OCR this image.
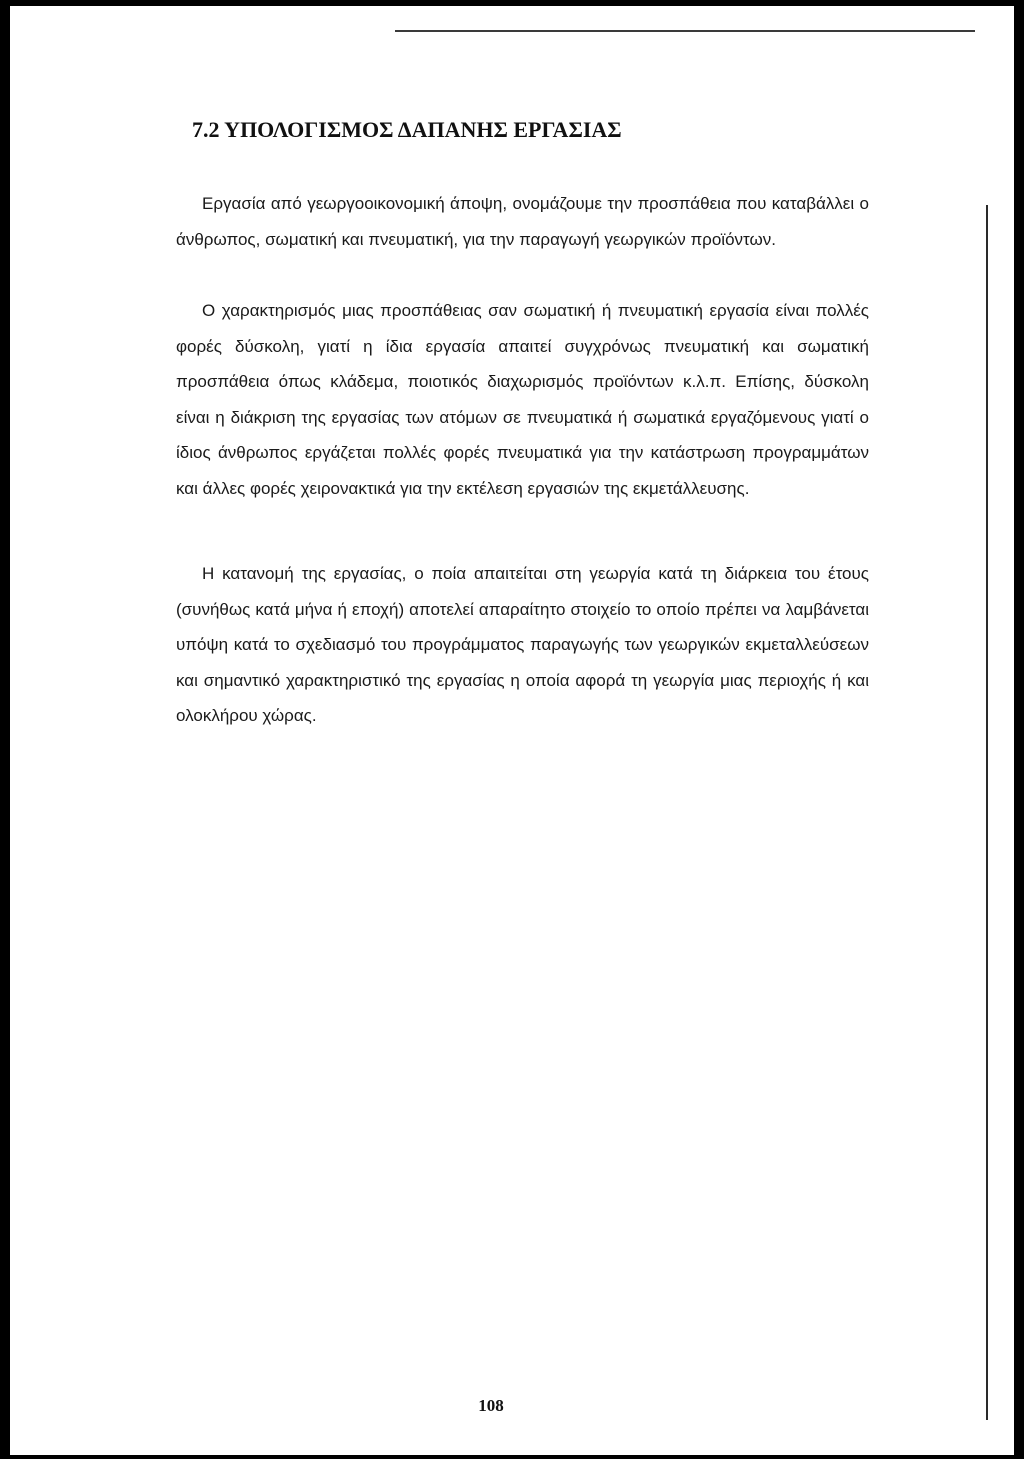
7.2 ΥΠΟΛΟΓΙΣΜΟΣ ΔΑΠΑΝΗΣ ΕΡΓΑΣΙΑΣ

Εργασία από γεωργοοικονομική άποψη, ονομάζουμε την προσπάθεια που καταβάλλει ο άνθρωπος, σωματική και πνευματική, για την παραγωγή γεωργικών προϊόντων.

Ο χαρακτηρισμός μιας προσπάθειας σαν σωματική ή πνευματική εργασία είναι πολλές φορές δύσκολη, γιατί η ίδια εργασία απαιτεί συγχρόνως πνευματική και σωματική προσπάθεια όπως κλάδεμα, ποιοτικός διαχωρισμός προϊόντων κ.λ.π. Επίσης, δύσκολη είναι η διάκριση της εργασίας των ατόμων σε πνευματικά ή σωματικά εργαζόμενους γιατί ο ίδιος άνθρωπος εργάζεται πολλές φορές πνευματικά για την κατάστρωση προγραμμάτων και άλλες φορές χειρονακτικά για την εκτέλεση εργασιών της εκμετάλλευσης.

Η κατανομή της εργασίας, ο ποία απαιτείται στη γεωργία κατά τη διάρκεια του έτους (συνήθως κατά μήνα ή εποχή) αποτελεί απαραίτητο στοιχείο το οποίο πρέπει να λαμβάνεται υπόψη κατά το σχεδιασμό του προγράμματος παραγωγής των γεωργικών εκμεταλλεύσεων και σημαντικό χαρακτηριστικό της εργασίας η οποία αφορά τη γεωργία μιας περιοχής ή και ολοκλήρου χώρας.

108
